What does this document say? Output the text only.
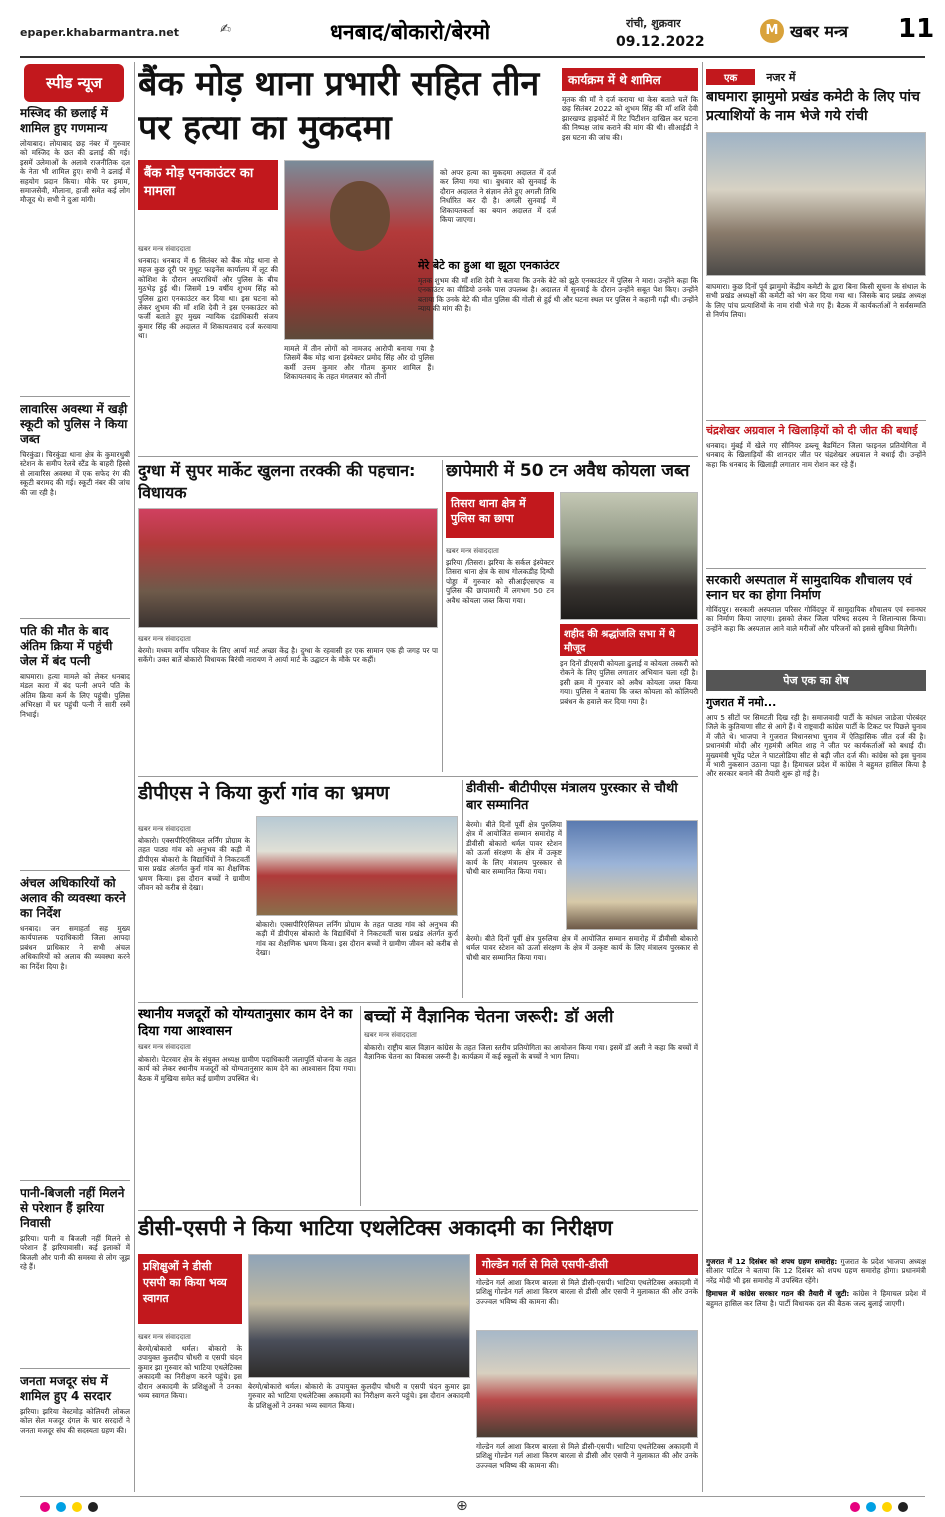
epaper.khabarmantra.net	✍	धनबाद/बोकारो/बेरमो	रांची, शुक्रवार
09.12.2022
M खबर मन्त्र 11
स्पीड न्यूज
मस्जिद की छलाई में शामिल हुए गणमान्य
लोयाबाद। लोयाबाद छह नंबर में गुरुवार को मस्जिद के छत की ढलाई की गई। इसमें उलेमाओं के अलावे राजनीतिक दल के नेता भी शामिल हुए। सभी ने ढलाई में सहयोग प्रदान किया। मौके पर इमाम, समाजसेवी, मौलाना, हाजी समेत कई लोग मौजूद थे। सभी ने दुआ मांगी।
लावारिस अवस्था में खड़ी स्कूटी को पुलिस ने किया जब्त
चिरकुंडा। चिरकुंडा थाना क्षेत्र के कुमारधुबी स्टेशन के समीप रेलवे स्टैंड के बाहरी हिस्से से लावारिस अवस्था में एक सफेद रंग की स्कूटी बरामद की गई। स्कूटी नंबर की जांच की जा रही है।
पति की मौत के बाद अंतिम क्रिया में पहुंची जेल में बंद पत्नी
बाघमारा। हत्या मामले को लेकर धनबाद मंडल कारा में बंद पत्नी अपने पति के अंतिम क्रिया कर्म के लिए पहुंची। पुलिस अभिरक्षा में घर पहुंची पत्नी ने सारी रस्में निभाई।
अंचल अधिकारियों को अलाव की व्यवस्था करने का निर्देश
धनबाद। जन समाहर्ता सह मुख्य कार्यपालक पदाधिकारी जिला आपदा प्रबंधन प्राधिकार ने सभी अंचल अधिकारियों को अलाव की व्यवस्था करने का निर्देश दिया है।
पानी-बिजली नहीं मिलने से परेशान हैं झरिया निवासी
झरिया। पानी व बिजली नहीं मिलने से परेशान हैं झरियावासी। कई इलाकों में बिजली और पानी की समस्या से लोग जूझ रहे हैं।
जनता मजदूर संघ में शामिल हुए 4 सरदार
झरिया। झरिया वेस्टमोड़ कोलियरी लोकल कोल सेल मजदूर दंगल के चार सरदारों ने जनता मजदूर संघ की सदस्यता ग्रहण की।
बैंक मोड़ थाना प्रभारी सहित तीन पर हत्या का मुकदमा
बैंक मोड़ एनकाउंटर का मामला
खबर मन्त्र संवाददाता
धनबाद। धनबाद में 6 सितंबर को बैंक मोड़ थाना से महज कुछ दूरी पर मुथूट फाइनेंस कार्यालय में लूट की कोशिश के दौरान अपराधियों और पुलिस के बीच मुठभेड़ हुई थी। जिसमें 19 वर्षीय शुभम सिंह को पुलिस द्वारा एनकाउंटर कर दिया था। इस घटना को लेकर शुभम की माँ शशि देवी ने इस एनकाउंटर को फर्जी बताते हुए मुख्य न्यायिक दंडाधिकारी संजय कुमार सिंह की अदालत में शिकायतवाद दर्ज करवाया था।
मामले में तीन लोगों को नामजद आरोपी बनाया गया है जिसमें बैंक मोड़ थाना इंस्पेक्टर प्रमोद सिंह और दो पुलिस कर्मी उत्तम कुमार और गौतम कुमार शामिल हैं। शिकायतवाद के तहत मंगलवार को तीनों
को अपर हत्या का मुकदमा अदालत में दर्ज कर लिया गया था। बुधवार को सुनवाई के दौरान अदालत ने संज्ञान लेते हुए अगली तिथि निर्धारित कर दी है। अगली सुनवाई में शिकायतकर्ता का बयान अदालत में दर्ज किया जाएगा।
कार्यक्रम में थे शामिल
मृतक की माँ ने दर्ज कराया था केस बताते चलें कि छह सितंबर 2022 को शुभम सिंह की माँ शशि देवी झारखण्ड हाइकोर्ट में रिट पिटीशन दाखिल कर घटना की निष्पक्ष जांच कराने की मांग की थी। सीआईडी ने इस घटना की जांच की।
मेरे बेटे का हुआ था झूठा एनकाउंटर
मृतक शुभम की माँ शशि देवी ने बताया कि उनके बेटे को झूठे एनकाउंटर में पुलिस ने मारा। उन्होंने कहा कि एनकाउंटर का वीडियो उनके पास उपलब्ध है। अदालत में सुनवाई के दौरान उन्होंने सबूत पेश किए। उन्होंने बताया कि उनके बेटे की मौत पुलिस की गोली से हुई थी और घटना स्थल पर पुलिस ने कहानी गढ़ी थी। उन्होंने न्याय की मांग की है।
एक	नजर में
बाघमारा झामुमो प्रखंड कमेटी के लिए पांच प्रत्याशियों के नाम भेजे गये रांची
बाघमारा। कुछ दिनों पूर्व झामुमो केंद्रीय कमेटी के द्वारा बिना किसी सूचना के संथाल के सभी प्रखंड अध्यक्षों की कमेटी को भंग कर दिया गया था। जिसके बाद प्रखंड अध्यक्ष के लिए पांच प्रत्याशियों के नाम रांची भेजे गए हैं। बैठक में कार्यकर्ताओं ने सर्वसम्मति से निर्णय लिया।
चंद्रशेखर अग्रवाल ने खिलाड़ियों को दी जीत की बधाई
धनबाद। मुंबई में खेले गए सीनियर डब्ल्यू बैडमिंटन जिला फाइनल प्रतियोगिता में धनबाद के खिलाड़ियों की शानदार जीत पर चंद्रशेखर अग्रवाल ने बधाई दी। उन्होंने कहा कि धनबाद के खिलाड़ी लगातार नाम रोशन कर रहे हैं।
सरकारी अस्पताल में सामुदायिक शौचालय एवं स्नान घर का होगा निर्माण
गोविंदपुर। सरकारी अस्पताल परिसर गोविंदपुर में सामुदायिक शौचालय एवं स्नानघर का निर्माण किया जाएगा। इसको लेकर जिला परिषद सदस्य ने शिलान्यास किया। उन्होंने कहा कि अस्पताल आने वाले मरीजों और परिजनों को इससे सुविधा मिलेगी।
पेज एक का शेष
गुजरात में नमो...
आप 5 सीटों पर सिमटती दिख रही है। समाजवादी पार्टी के कांधल जाडेजा पोरबंदर जिले के कुतियाणा सीट से आगे हैं। ये राष्ट्रवादी कांग्रेस पार्टी के टिकट पर पिछले चुनाव में जीते थे। भाजपा ने गुजरात विधानसभा चुनाव में ऐतिहासिक जीत दर्ज की है। प्रधानमंत्री मोदी और गृहमंत्री अमित शाह ने जीत पर कार्यकर्ताओं को बधाई दी। मुख्यमंत्री भूपेंद्र पटेल ने घाटलोडिया सीट से बड़ी जीत दर्ज की। कांग्रेस को इस चुनाव में भारी नुकसान उठाना पड़ा है। हिमाचल प्रदेश में कांग्रेस ने बहुमत हासिल किया है और सरकार बनाने की तैयारी शुरू हो गई है।
गुजरात में 12 दिसंबर को शपथ ग्रहण समारोह: गुजरात के प्रदेश भाजपा अध्यक्ष सीआर पाटिल ने बताया कि 12 दिसंबर को शपथ ग्रहण समारोह होगा। प्रधानमंत्री नरेंद्र मोदी भी इस समारोह में उपस्थित रहेंगे।
हिमाचल में कांग्रेस सरकार गठन की तैयारी में जुटी: कांग्रेस ने हिमाचल प्रदेश में बहुमत हासिल कर लिया है। पार्टी विधायक दल की बैठक जल्द बुलाई जाएगी।
दुग्धा में सुपर मार्केट खुलना तरक्की की पहचान: विधायक
खबर मन्त्र संवाददाता
बेरमो। मध्यम वर्गीय परिवार के लिए आर्या मार्ट अच्छा केंद्र है। दुग्धा के रहवासी हर एक सामान एक ही जगह पर पा सकेंगे। उक्त बातें बोकारो विधायक बिरंची नारायण ने आर्या मार्ट के उद्घाटन के मौके पर कहीं।
छापेमारी में 50 टन अवैध कोयला जब्त
तिसरा थाना क्षेत्र में पुलिस का छापा
खबर मन्त्र संवाददाता
झरिया /तिसरा। झरिया के सर्कल इंस्पेक्टर तिसरा थाना क्षेत्र के साथ गोलकडीह दिग्घी पोड्डा में गुरुवार को सीआईएसएफ व पुलिस की छापामारी में लगभग 50 टन अवैध कोयला जब्त किया गया।
शहीद की श्रद्धांजलि सभा में थे मौजूद
इन दिनों डीएसपी कोयला ढुलाई व कोयला तस्करी को रोकने के लिए पुलिस लगातार अभियान चला रही है। इसी क्रम में गुरुवार को अवैध कोयला जब्त किया गया। पुलिस ने बताया कि जब्त कोयला को कोलियरी प्रबंधन के हवाले कर दिया गया है।
डीपीएस ने किया कुर्रा गांव का भ्रमण
खबर मन्त्र संवाददाता
बोकारो। एक्सपीरिएंसियल लर्निंग प्रोग्राम के तहत पाठ्य गांव को अनुभव की कड़ी में डीपीएस बोकारो के विद्यार्थियों ने निकटवर्ती चास प्रखंड अंतर्गत कुर्रा गांव का शैक्षणिक भ्रमण किया। इस दौरान बच्चों ने ग्रामीण जीवन को करीब से देखा।
बोकारो। एक्सपीरिएंसियल लर्निंग प्रोग्राम के तहत पाठ्य गांव को अनुभव की कड़ी में डीपीएस बोकारो के विद्यार्थियों ने निकटवर्ती चास प्रखंड अंतर्गत कुर्रा गांव का शैक्षणिक भ्रमण किया। इस दौरान बच्चों ने ग्रामीण जीवन को करीब से देखा।
डीवीसी- बीटीपीएस मंत्रालय पुरस्कार से चौथी बार सम्मानित
बेरमो। बीते दिनों पूर्वी क्षेत्र पुरुलिया क्षेत्र में आयोजित सम्मान समारोह में डीवीसी बोकारो थर्मल पावर स्टेशन को ऊर्जा संरक्षण के क्षेत्र में उत्कृष्ट कार्य के लिए मंत्रालय पुरस्कार से चौथी बार सम्मानित किया गया।
बेरमो। बीते दिनों पूर्वी क्षेत्र पुरुलिया क्षेत्र में आयोजित सम्मान समारोह में डीवीसी बोकारो थर्मल पावर स्टेशन को ऊर्जा संरक्षण के क्षेत्र में उत्कृष्ट कार्य के लिए मंत्रालय पुरस्कार से चौथी बार सम्मानित किया गया।
स्थानीय मजदूरों को योग्यतानुसार काम देने का दिया गया आश्वासन
खबर मन्त्र संवाददाता
बोकारो। पेटरवार क्षेत्र के संयुक्त अध्यक्ष ग्रामीण पदाधिकारी जलापूर्ति योजना के तहत कार्य को लेकर स्थानीय मजदूरों को योग्यतानुसार काम देने का आश्वासन दिया गया। बैठक में मुखिया समेत कई ग्रामीण उपस्थित थे।
बच्चों में वैज्ञानिक चेतना जरूरी: डॉ अली
खबर मन्त्र संवाददाता
बोकारो। राष्ट्रीय बाल विज्ञान कांग्रेस के तहत जिला स्तरीय प्रतियोगिता का आयोजन किया गया। इसमें डॉ अली ने कहा कि बच्चों में वैज्ञानिक चेतना का विकास जरूरी है। कार्यक्रम में कई स्कूलों के बच्चों ने भाग लिया।
डीसी-एसपी ने किया भाटिया एथलेटिक्स अकादमी का निरीक्षण
प्रशिक्षुओं ने डीसी एसपी का किया भव्य स्वागत
खबर मन्त्र संवाददाता
बेरमो/बोकारो थर्मल। बोकारो के उपायुक्त कुलदीप चौधरी व एसपी चंदन कुमार झा गुरुवार को भाटिया एथलेटिक्स अकादमी का निरीक्षण करने पहुंचे। इस दौरान अकादमी के प्रशिक्षुओं ने उनका भव्य स्वागत किया।
बेरमो/बोकारो थर्मल। बोकारो के उपायुक्त कुलदीप चौधरी व एसपी चंदन कुमार झा गुरुवार को भाटिया एथलेटिक्स अकादमी का निरीक्षण करने पहुंचे। इस दौरान अकादमी के प्रशिक्षुओं ने उनका भव्य स्वागत किया।
गोल्डेन गर्ल से मिले एसपी-डीसी
गोल्डेन गर्ल आशा किरण बारला से मिले डीसी-एसपी। भाटिया एथलेटिक्स अकादमी में प्रशिक्षु गोल्डेन गर्ल आशा किरण बारला से डीसी और एसपी ने मुलाकात की और उनके उज्ज्वल भविष्य की कामना की।
गोल्डेन गर्ल आशा किरण बारला से मिले डीसी-एसपी। भाटिया एथलेटिक्स अकादमी में प्रशिक्षु गोल्डेन गर्ल आशा किरण बारला से डीसी और एसपी ने मुलाकात की और उनके उज्ज्वल भविष्य की कामना की।
⊕
